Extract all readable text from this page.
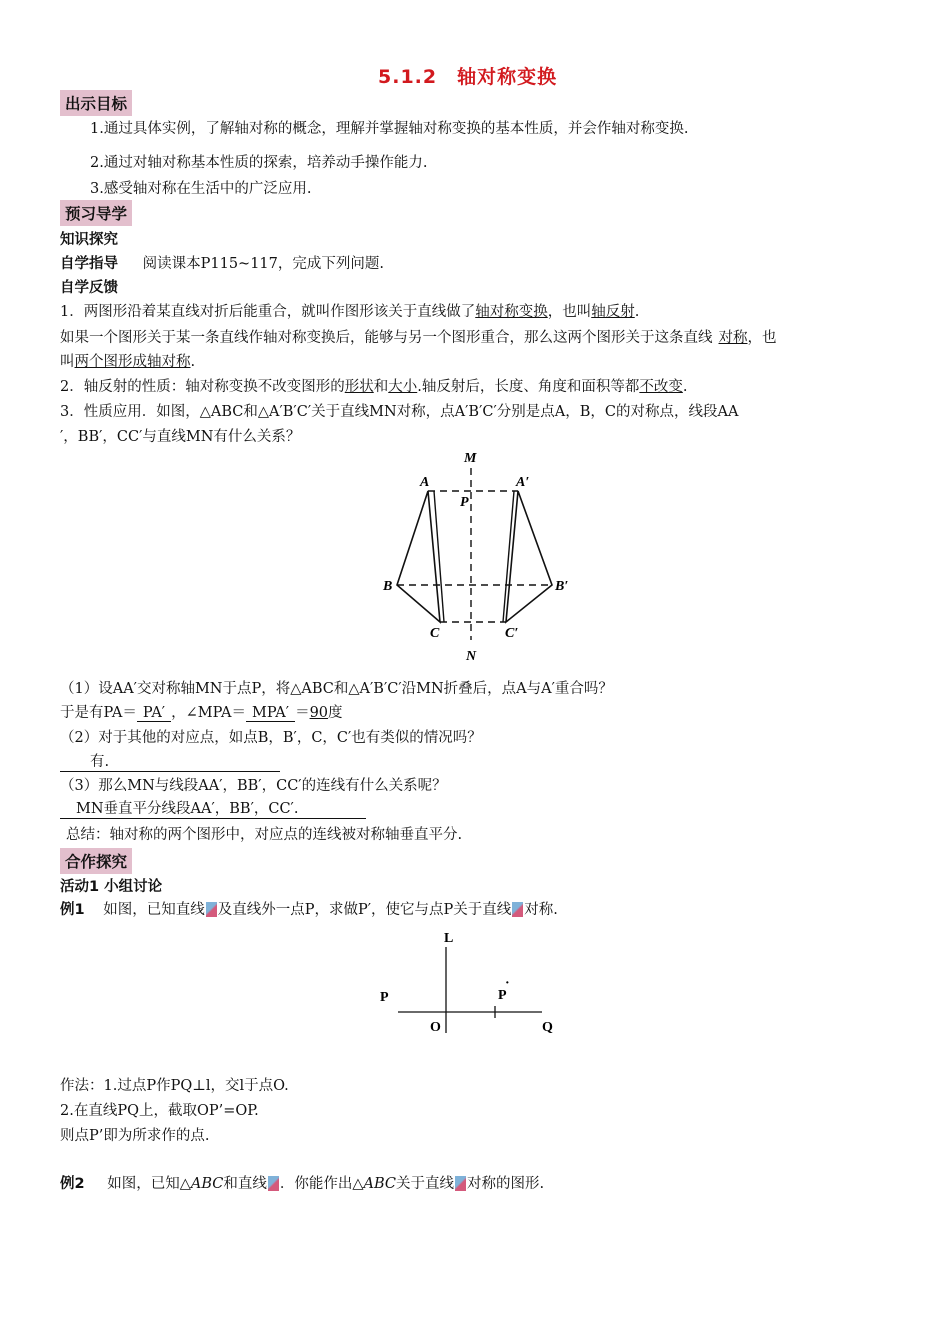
5.1.2　轴对称变换
出示目标
1.通过具体实例，了解轴对称的概念，理解并掌握轴对称变换的基本性质，并会作轴对称变换.
2.通过对轴对称基本性质的探索，培养动手操作能力.
3.感受轴对称在生活中的广泛应用.
预习导学
知识探究
自学指导 阅读课本P115~117，完成下列问题.
自学反馈
1．两图形沿着某直线对折后能重合，就叫作图形该关于直线做了轴对称变换，也叫轴反射.
如果一个图形关于某一条直线作轴对称变换后，能够与另一个图形重合，那么这两个图形关于这条直线 对称，也
叫两个图形成轴对称.
2．轴反射的性质：轴对称变换不改变图形的形状和大小.轴反射后，长度、角度和面积等都不改变.
3．性质应用．如图，△ABC和△A′B′C′关于直线MN对称，点A′B′C′分别是点A，B，C的对称点，线段AA
′，BB′，CC′与直线MN有什么关系？
M
N
A	A′
P
B	B′
C	C′
（1）设AA′交对称轴MN于点P，将△ABC和△A′B′C′沿MN折叠后，点A与A′重合吗？
于是有PA＝ PA′ ，∠MPA＝ MPA′ ＝90度
（2）对于其他的对应点，如点B，B′，C，C′也有类似的情况吗？
有.
（3）那么MN与线段AA′，BB′，CC′的连线有什么关系呢？
MN垂直平分线段AA′，BB′，CC′.
总结：轴对称的两个图形中，对应点的连线被对称轴垂直平分.
合作探究
活动1 小组讨论
例1 如图，已知直线 及直线外一点P，求做P′，使它与点P关于直线 对称.
L
P	P
·
O	Q
作法：1.过点P作PQ⊥l，交l于点O.
2.在直线PQ上，截取OP’=OP.
则点P’即为所求作的点.
例2 如图，已知△ABC和直线 ．你能作出△ABC关于直线 对称的图形.
